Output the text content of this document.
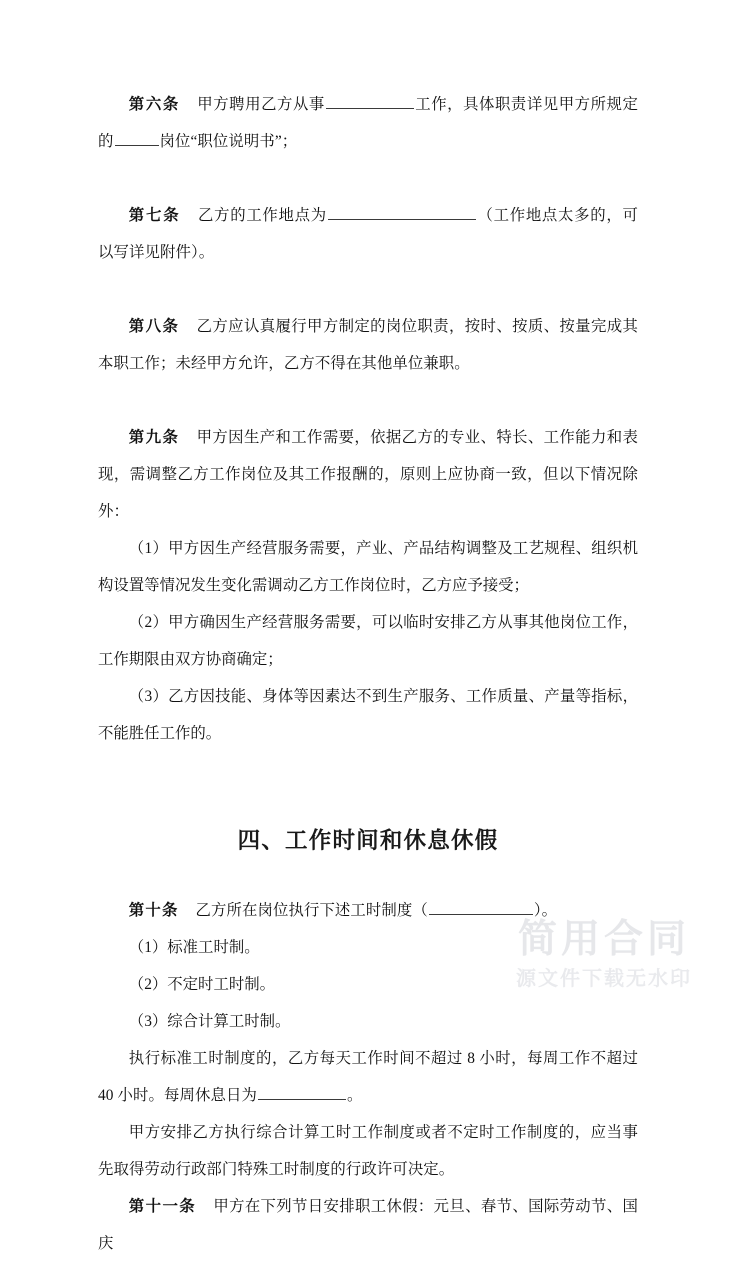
第六条 甲方聘用乙方从事	工作，具体职责详见甲方所规定的	岗位“职位说明书”；

第七条 乙方的工作地点为	（工作地点太多的，可以写详见附件）。

第八条 乙方应认真履行甲方制定的岗位职责，按时、按质、按量完成其本职工作；未经甲方允许，乙方不得在其他单位兼职。

第九条 甲方因生产和工作需要，依据乙方的专业、特长、工作能力和表现，需调整乙方工作岗位及其工作报酬的，原则上应协商一致，但以下情况除外：

（1）甲方因生产经营服务需要，产业、产品结构调整及工艺规程、组织机构设置等情况发生变化需调动乙方工作岗位时，乙方应予接受；

（2）甲方确因生产经营服务需要，可以临时安排乙方从事其他岗位工作，工作期限由双方协商确定；

（3）乙方因技能、身体等因素达不到生产服务、工作质量、产量等指标，不能胜任工作的。

四、工作时间和休息休假

第十条 乙方所在岗位执行下述工时制度（	）。

（1）标准工时制。

（2）不定时工时制。

（3）综合计算工时制。

执行标准工时制度的，乙方每天工作时间不超过 8 小时，每周工作不超过 40 小时。每周休息日为	。

甲方安排乙方执行综合计算工时工作制度或者不定时工作制度的，应当事先取得劳动行政部门特殊工时制度的行政许可决定。

第十一条 甲方在下列节日安排职工休假：元旦、春节、国际劳动节、国庆

简用合同
源文件下载无水印
